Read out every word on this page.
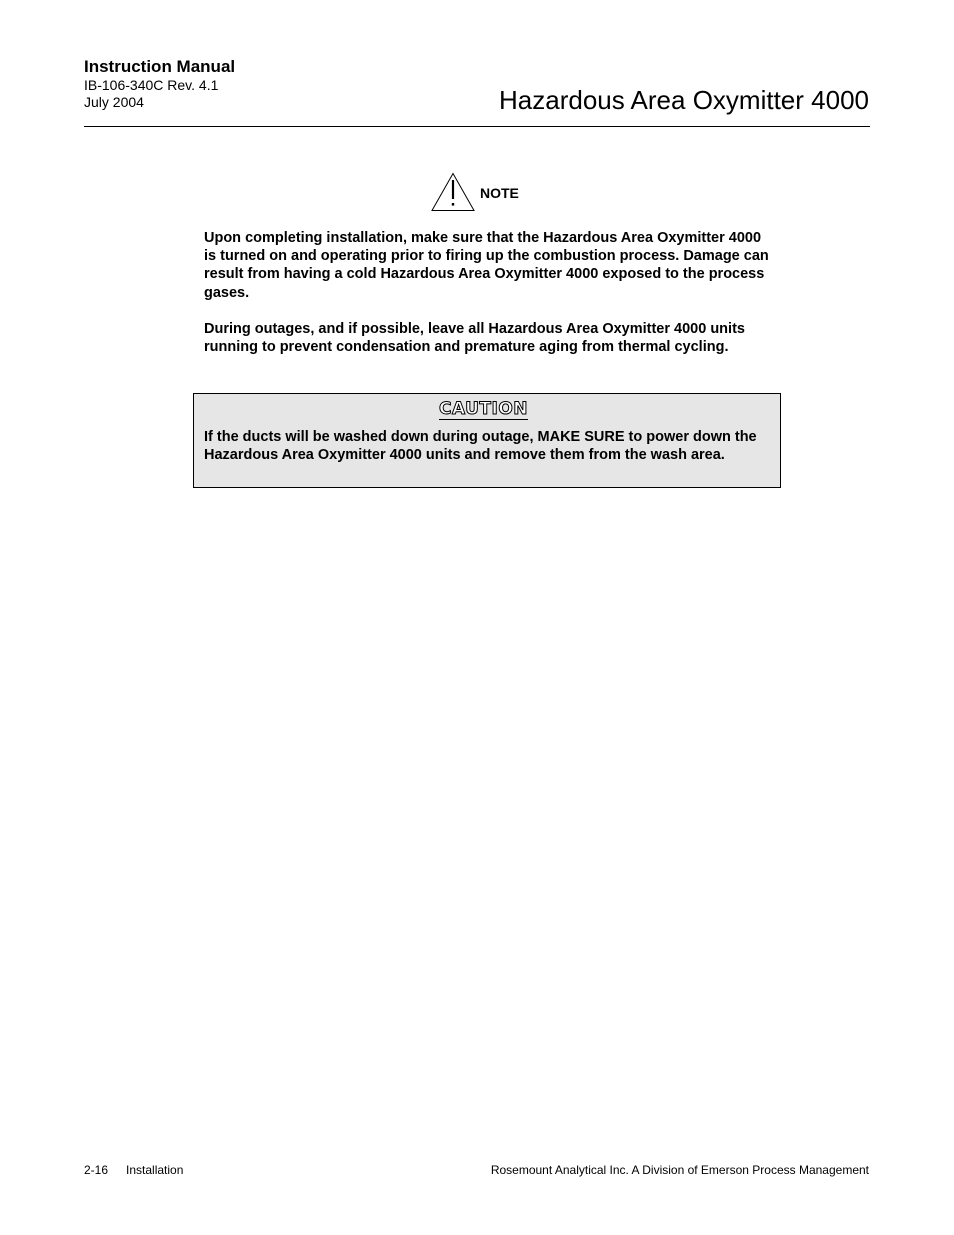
Instruction Manual
IB-106-340C Rev. 4.1
July 2004	Hazardous Area Oxymitter 4000
NOTE

Upon completing installation, make sure that the Hazardous Area Oxymitter 4000 is turned on and operating prior to firing up the combustion process. Damage can result from having a cold Hazardous Area Oxymitter 4000 exposed to the process gases.

During outages, and if possible, leave all Hazardous Area Oxymitter 4000 units running to prevent condensation and premature aging from thermal cycling.

CAUTION
If the ducts will be washed down during outage, MAKE SURE to power down the Hazardous Area Oxymitter 4000 units and remove them from the wash area.
2-16 Installation	Rosemount Analytical Inc. A Division of Emerson Process Management
